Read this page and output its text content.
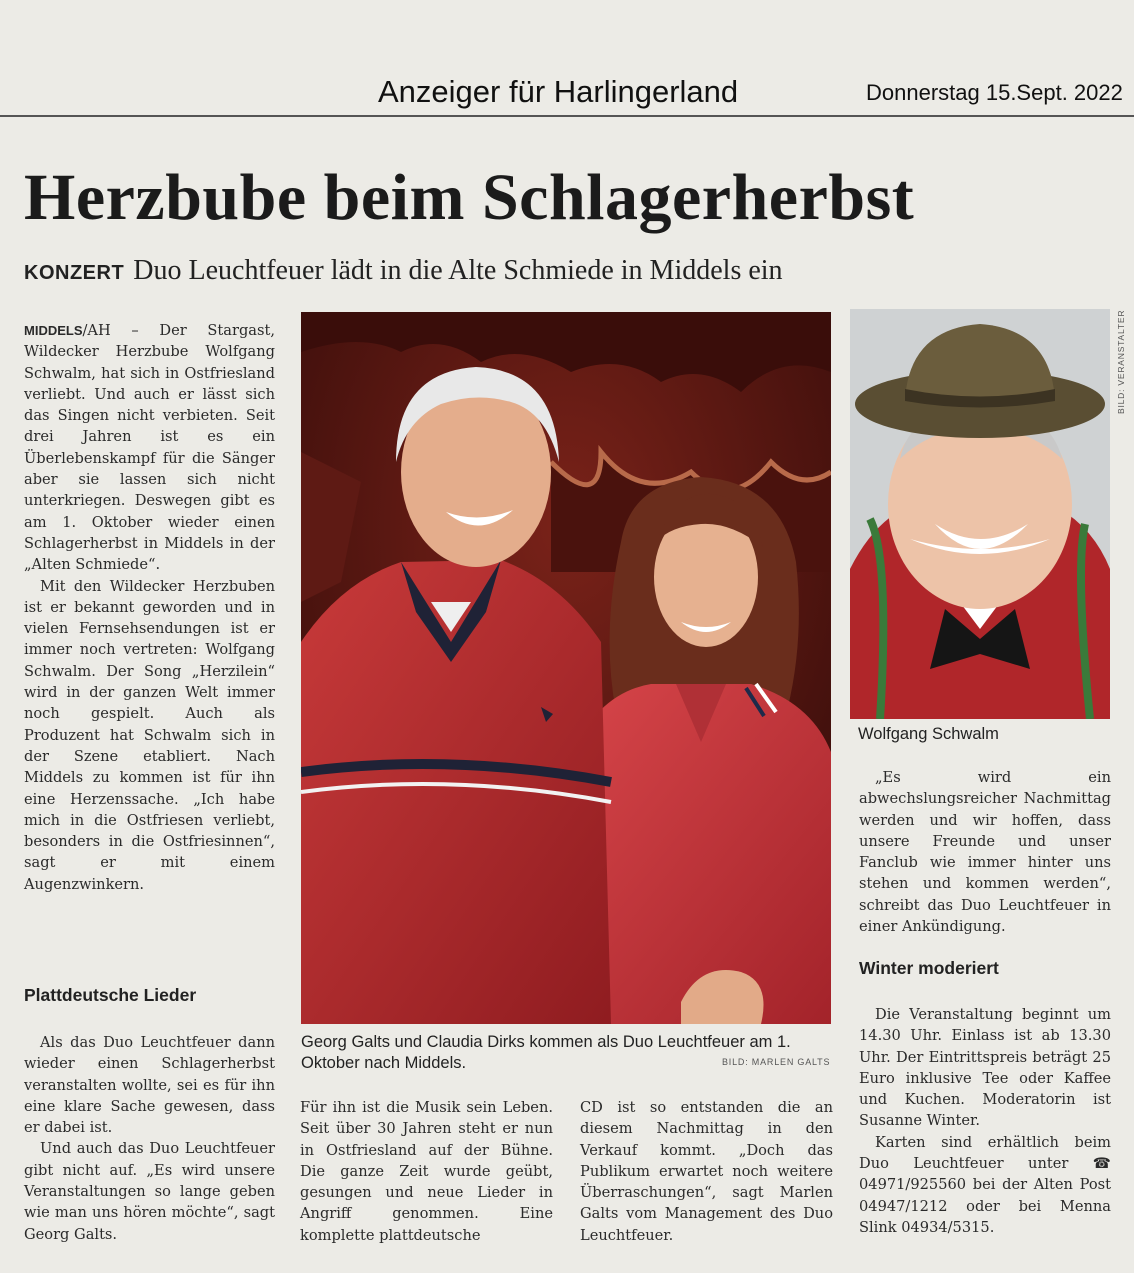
Anzeiger für Harlingerland	Donnerstag 15.Sept. 2022
Herzbube beim Schlagerherbst
KONZERT Duo Leuchtfeuer lädt in die Alte Schmiede in Middels ein

MIDDELS/AH – Der Stargast, Wildecker Herzbube Wolfgang Schwalm, hat sich in Ostfriesland verliebt. Und auch er lässt sich das Singen nicht verbieten. Seit drei Jahren ist es ein Überlebenskampf für die Sänger aber sie lassen sich nicht unterkriegen. Deswegen gibt es am 1. Oktober wieder einen Schlagerherbst in Middels in der „Alten Schmiede“.

Mit den Wildecker Herzbuben ist er bekannt geworden und in vielen Fernsehsendungen ist er immer noch vertreten: Wolfgang Schwalm. Der Song „Herzilein“ wird in der ganzen Welt immer noch gespielt. Auch als Produzent hat Schwalm sich in der Szene etabliert. Nach Middels zu kommen ist für ihn eine Herzenssache. „Ich habe mich in die Ostfriesen verliebt, besonders in die Ostfriesinnen“, sagt er mit einem Augenzwinkern.

Plattdeutsche Lieder

Als das Duo Leuchtfeuer dann wieder einen Schlagerherbst veranstalten wollte, sei es für ihn eine klare Sache gewesen, dass er dabei ist.

Und auch das Duo Leuchtfeuer gibt nicht auf. „Es wird unsere Veranstaltungen so lange geben wie man uns hören möchte“, sagt Georg Galts.

Georg Galts und Claudia Dirks kommen als Duo Leuchtfeuer am 1. Oktober nach Middels.	BILD: MARLEN GALTS

Für ihn ist die Musik sein Leben. Seit über 30 Jahren steht er nun in Ostfriesland auf der Bühne. Die ganze Zeit wurde geübt, gesungen und neue Lieder in Angriff genommen. Eine komplette plattdeutsche

CD ist so entstanden die an diesem Nachmittag in den Verkauf kommt. „Doch das Publikum erwartet noch weitere Überraschungen“, sagt Marlen Galts vom Management des Duo Leuchtfeuer.

BILD: VERANSTALTER
Wolfgang Schwalm

„Es wird ein abwechslungsreicher Nachmittag werden und wir hoffen, dass unsere Freunde und unser Fanclub wie immer hinter uns stehen und kommen werden“, schreibt das Duo Leuchtfeuer in einer Ankündigung.

Winter moderiert

Die Veranstaltung beginnt um 14.30 Uhr. Einlass ist ab 13.30 Uhr. Der Eintrittspreis beträgt 25 Euro inklusive Tee oder Kaffee und Kuchen. Moderatorin ist Susanne Winter.

Karten sind erhältlich beim Duo Leuchtfeuer unter ☎ 04971/925560 bei der Alten Post 04947/1212 oder bei Menna Slink 04934/5315.
